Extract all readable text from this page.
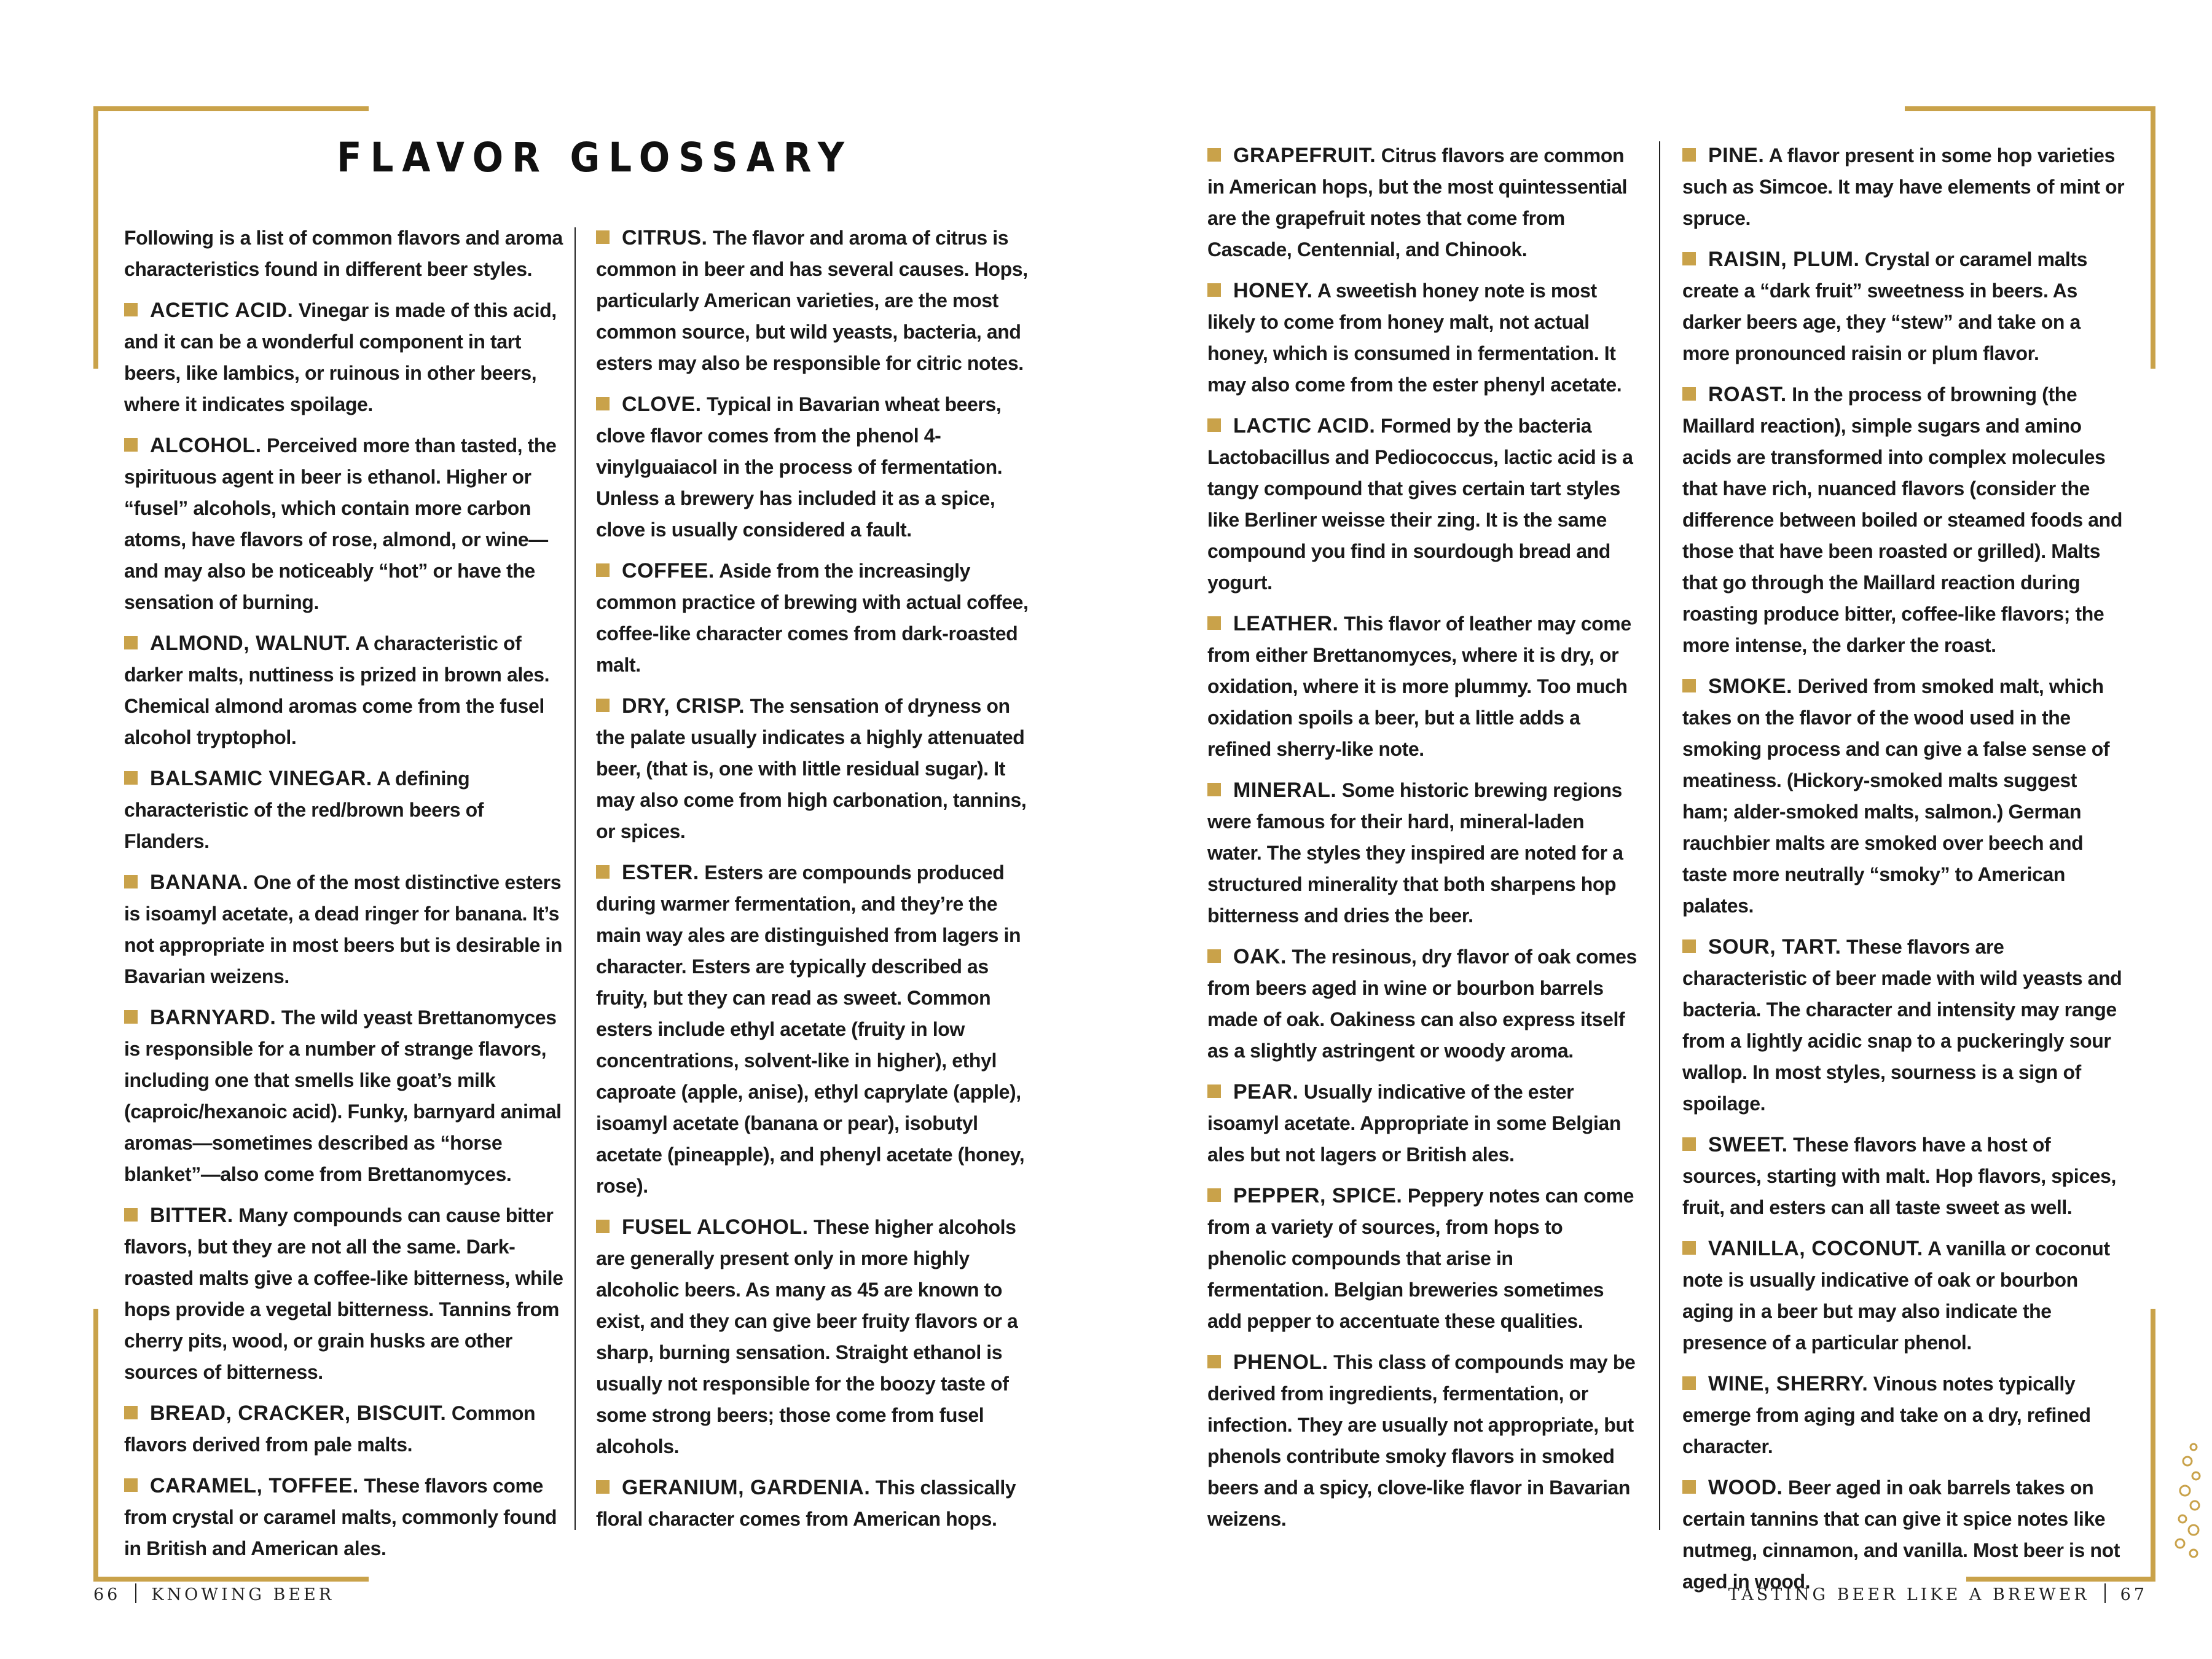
FLAVOR GLOSSARY

Following is a list of common flavors and aroma characteristics found in different beer styles.

ACETIC ACID. Vinegar is made of this acid, and it can be a wonderful component in tart beers, like lambics, or ruinous in other beers, where it indicates spoilage.

ALCOHOL. Perceived more than tasted, the spirituous agent in beer is ethanol. Higher or “fusel” alcohols, which contain more carbon atoms, have flavors of rose, almond, or wine—and may also be noticeably “hot” or have the sensation of burning.

ALMOND, WALNUT. A characteristic of darker malts, nuttiness is prized in brown ales. Chemical almond aromas come from the fusel alcohol tryptophol.

BALSAMIC VINEGAR. A defining characteristic of the red/brown beers of Flanders.

BANANA. One of the most distinctive esters is isoamyl acetate, a dead ringer for banana. It’s not appropriate in most beers but is desirable in Bavarian weizens.

BARNYARD. The wild yeast Brettanomyces is responsible for a number of strange flavors, including one that smells like goat’s milk (caproic/hexanoic acid). Funky, barnyard animal aromas—sometimes described as “horse blanket”—also come from Brettanomyces.

BITTER. Many compounds can cause bitter flavors, but they are not all the same. Dark-roasted malts give a coffee-like bitterness, while hops provide a vegetal bitterness. Tannins from cherry pits, wood, or grain husks are other sources of bitterness.

BREAD, CRACKER, BISCUIT. Common flavors derived from pale malts.

CARAMEL, TOFFEE. These flavors come from crystal or caramel malts, commonly found in British and American ales.

CITRUS. The flavor and aroma of citrus is common in beer and has several causes. Hops, particularly American varieties, are the most common source, but wild yeasts, bacteria, and esters may also be responsible for citric notes.

CLOVE. Typical in Bavarian wheat beers, clove flavor comes from the phenol 4-vinylguaiacol in the process of fermentation. Unless a brewery has included it as a spice, clove is usually considered a fault.

COFFEE. Aside from the increasingly common practice of brewing with actual coffee, coffee-like character comes from dark-roasted malt.

DRY, CRISP. The sensation of dryness on the palate usually indicates a highly attenuated beer, (that is, one with little residual sugar). It may also come from high carbonation, tannins, or spices.

ESTER. Esters are compounds produced during warmer fermentation, and they’re the main way ales are distinguished from lagers in character. Esters are typically described as fruity, but they can read as sweet. Common esters include ethyl acetate (fruity in low concentrations, solvent-like in higher), ethyl caproate (apple, anise), ethyl caprylate (apple), isoamyl acetate (banana or pear), isobutyl acetate (pineapple), and phenyl acetate (honey, rose).

FUSEL ALCOHOL. These higher alcohols are generally present only in more highly alcoholic beers. As many as 45 are known to exist, and they can give beer fruity flavors or a sharp, burning sensation. Straight ethanol is usually not responsible for the boozy taste of some strong beers; those come from fusel alcohols.

GERANIUM, GARDENIA. This classically floral character comes from American hops.

GRAPEFRUIT. Citrus flavors are common in American hops, but the most quintessential are the grapefruit notes that come from Cascade, Centennial, and Chinook.

HONEY. A sweetish honey note is most likely to come from honey malt, not actual honey, which is consumed in fermentation. It may also come from the ester phenyl acetate.

LACTIC ACID. Formed by the bacteria Lactobacillus and Pediococcus, lactic acid is a tangy compound that gives certain tart styles like Berliner weisse their zing. It is the same compound you find in sourdough bread and yogurt.

LEATHER. This flavor of leather may come from either Brettanomyces, where it is dry, or oxidation, where it is more plummy. Too much oxidation spoils a beer, but a little adds a refined sherry-like note.

MINERAL. Some historic brewing regions were famous for their hard, mineral-laden water. The styles they inspired are noted for a structured minerality that both sharpens hop bitterness and dries the beer.

OAK. The resinous, dry flavor of oak comes from beers aged in wine or bourbon barrels made of oak. Oakiness can also express itself as a slightly astringent or woody aroma.

PEAR. Usually indicative of the ester isoamyl acetate. Appropriate in some Belgian ales but not lagers or British ales.

PEPPER, SPICE. Peppery notes can come from a variety of sources, from hops to phenolic compounds that arise in fermentation. Belgian breweries sometimes add pepper to accentuate these qualities.

PHENOL. This class of compounds may be derived from ingredients, fermentation, or infection. They are usually not appropriate, but phenols contribute smoky flavors in smoked beers and a spicy, clove-like flavor in Bavarian weizens.

PINE. A flavor present in some hop varieties such as Simcoe. It may have elements of mint or spruce.

RAISIN, PLUM. Crystal or caramel malts create a “dark fruit” sweetness in beers. As darker beers age, they “stew” and take on a more pronounced raisin or plum flavor.

ROAST. In the process of browning (the Maillard reaction), simple sugars and amino acids are transformed into complex molecules that have rich, nuanced flavors (consider the difference between boiled or steamed foods and those that have been roasted or grilled). Malts that go through the Maillard reaction during roasting produce bitter, coffee-like flavors; the more intense, the darker the roast.

SMOKE. Derived from smoked malt, which takes on the flavor of the wood used in the smoking process and can give a false sense of meatiness. (Hickory-smoked malts suggest ham; alder-smoked malts, salmon.) German rauchbier malts are smoked over beech and taste more neutrally “smoky” to American palates.

SOUR, TART. These flavors are characteristic of beer made with wild yeasts and bacteria. The character and intensity may range from a lightly acidic snap to a puckeringly sour wallop. In most styles, sourness is a sign of spoilage.

SWEET. These flavors have a host of sources, starting with malt. Hop flavors, spices, fruit, and esters can all taste sweet as well.

VANILLA, COCONUT. A vanilla or coconut note is usually indicative of oak or bourbon aging in a beer but may also indicate the presence of a particular phenol.

WINE, SHERRY. Vinous notes typically emerge from aging and take on a dry, refined character.

WOOD. Beer aged in oak barrels takes on certain tannins that can give it spice notes like nutmeg, cinnamon, and vanilla. Most beer is not aged in wood.

66 KNOWING BEER	TASTING BEER LIKE A BREWER 67
